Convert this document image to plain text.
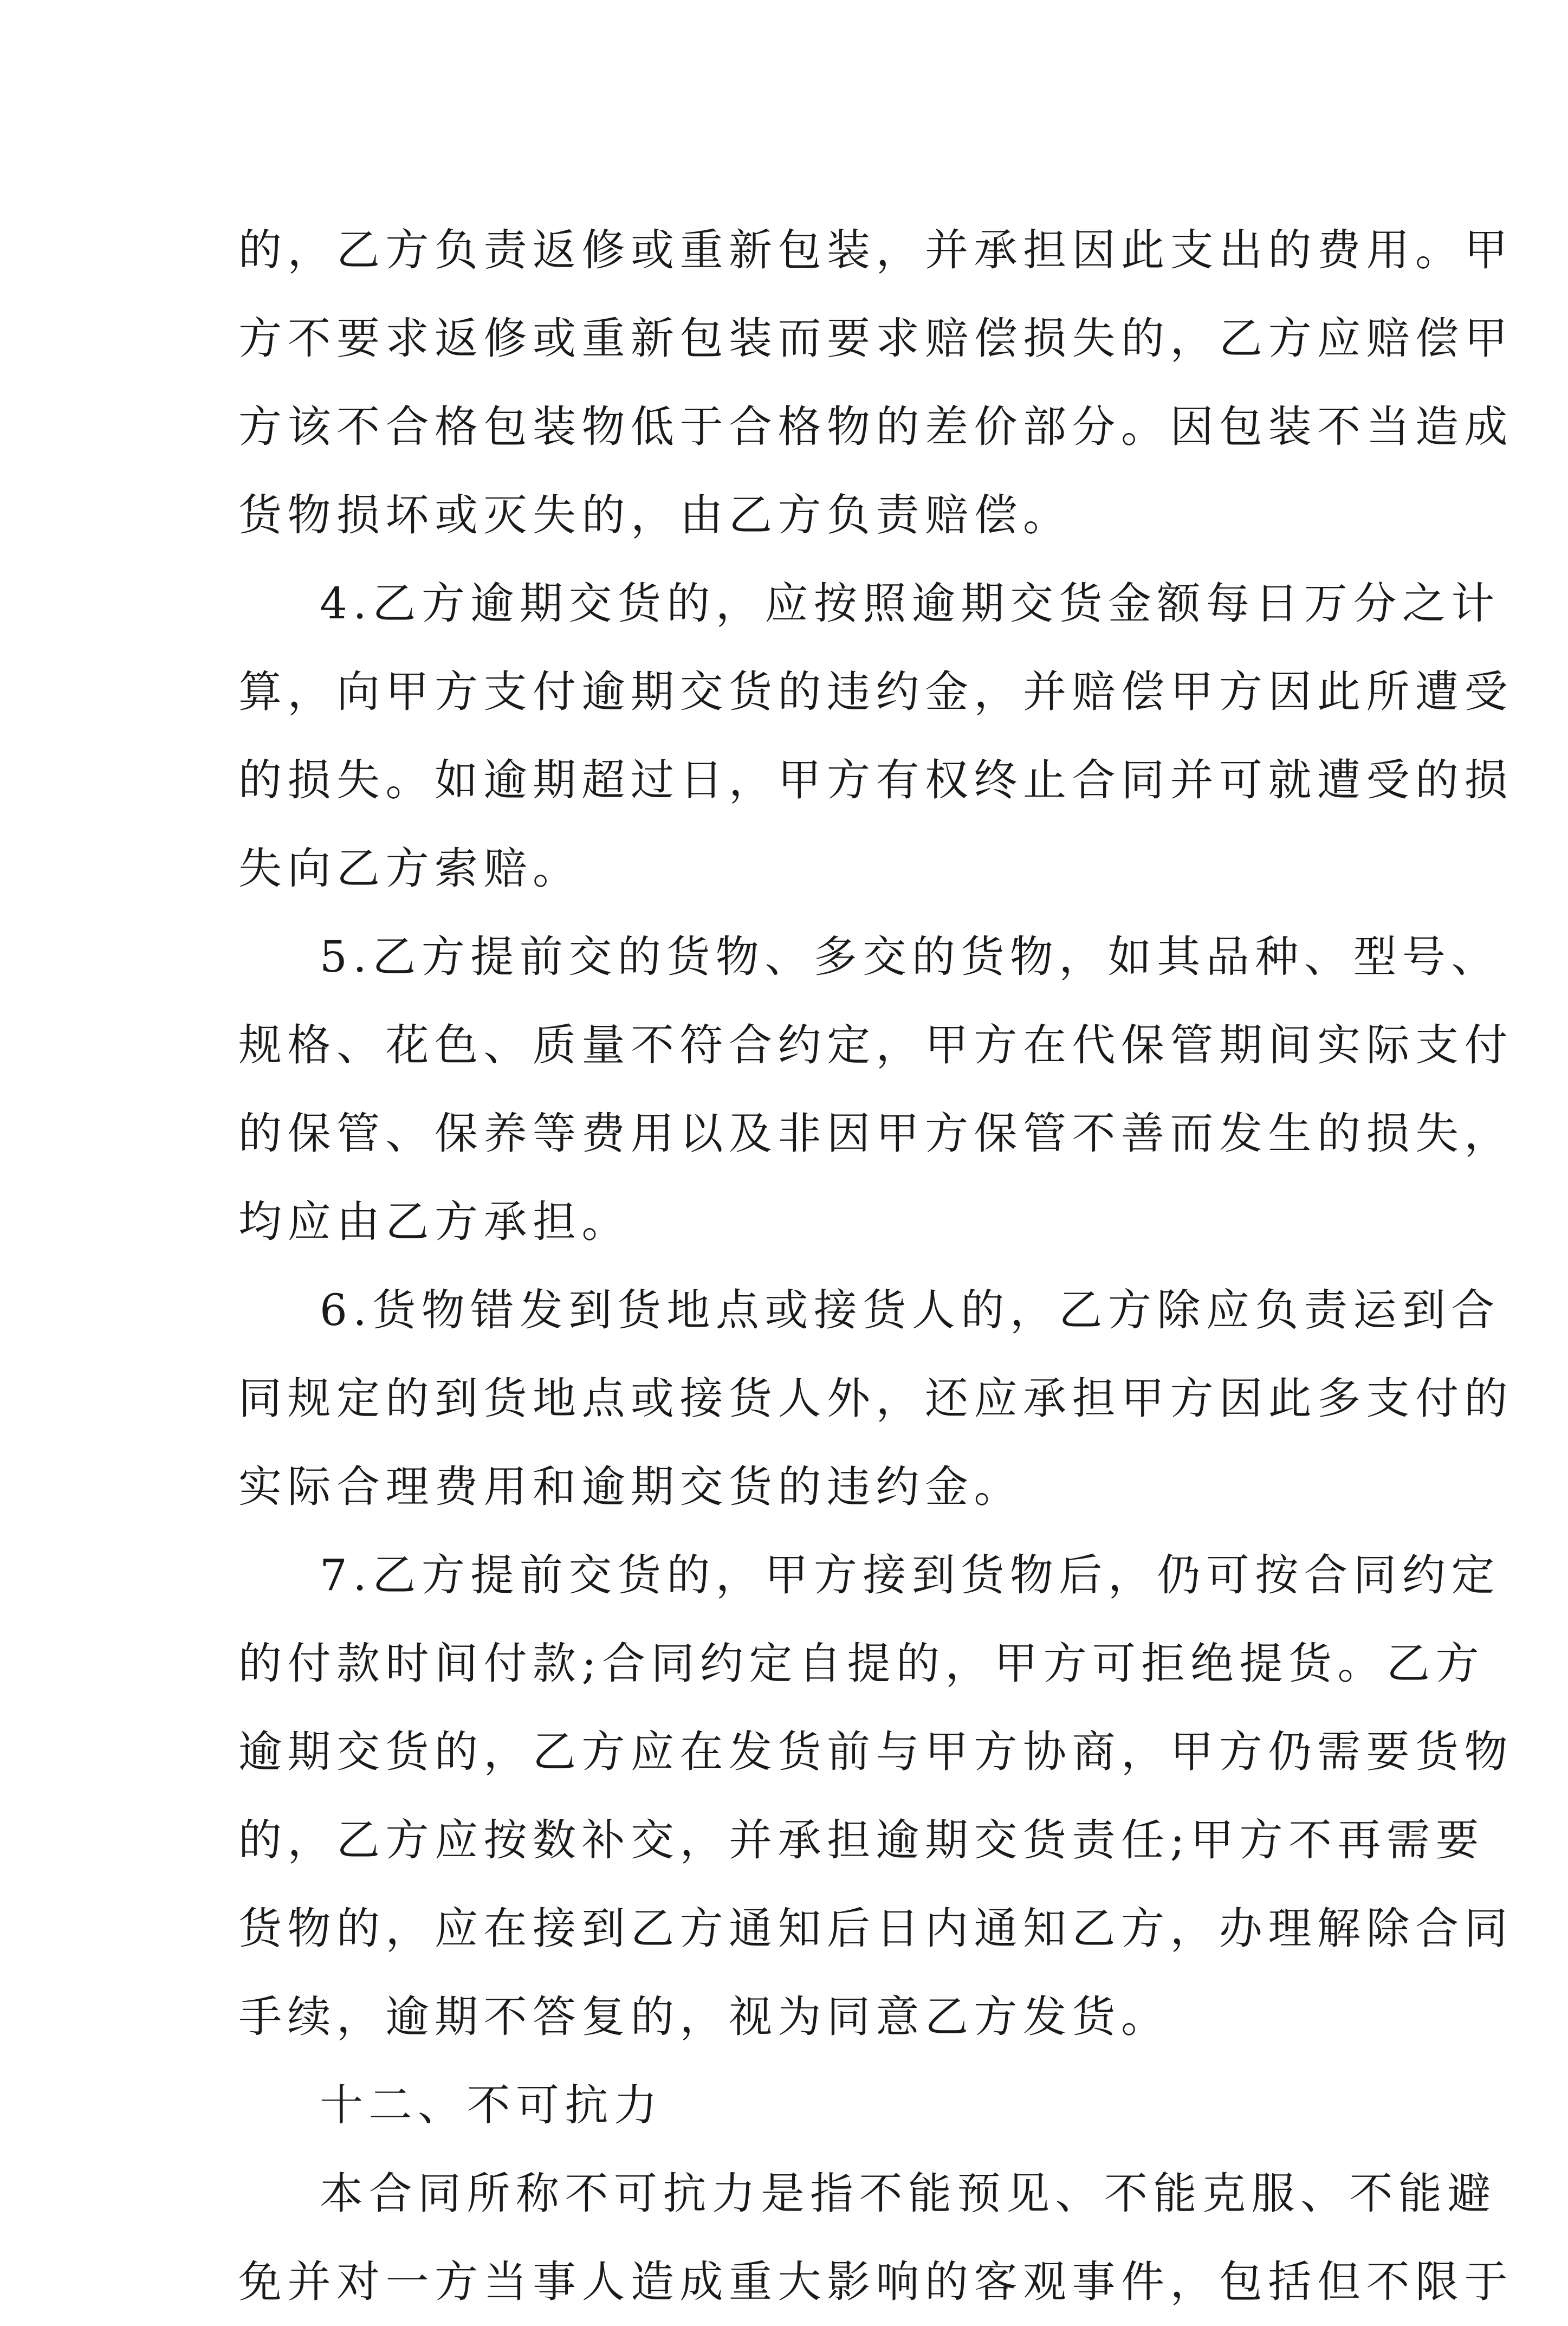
的，乙方负责返修或重新包装，并承担因此支出的费用。甲
方不要求返修或重新包装而要求赔偿损失的，乙方应赔偿甲
方该不合格包装物低于合格物的差价部分。因包装不当造成
货物损坏或灭失的，由乙方负责赔偿。
4.乙方逾期交货的，应按照逾期交货金额每日万分之计
算，向甲方支付逾期交货的违约金，并赔偿甲方因此所遭受
的损失。如逾期超过日，甲方有权终止合同并可就遭受的损
失向乙方索赔。
5.乙方提前交的货物、多交的货物，如其品种、型号、
规格、花色、质量不符合约定，甲方在代保管期间实际支付
的保管、保养等费用以及非因甲方保管不善而发生的损失，
均应由乙方承担。
6.货物错发到货地点或接货人的，乙方除应负责运到合
同规定的到货地点或接货人外，还应承担甲方因此多支付的
实际合理费用和逾期交货的违约金。
7.乙方提前交货的，甲方接到货物后，仍可按合同约定
的付款时间付款;合同约定自提的，甲方可拒绝提货。乙方
逾期交货的，乙方应在发货前与甲方协商，甲方仍需要货物
的，乙方应按数补交，并承担逾期交货责任;甲方不再需要
货物的，应在接到乙方通知后日内通知乙方，办理解除合同
手续，逾期不答复的，视为同意乙方发货。
十二、不可抗力
本合同所称不可抗力是指不能预见、不能克服、不能避
免并对一方当事人造成重大影响的客观事件，包括但不限于
